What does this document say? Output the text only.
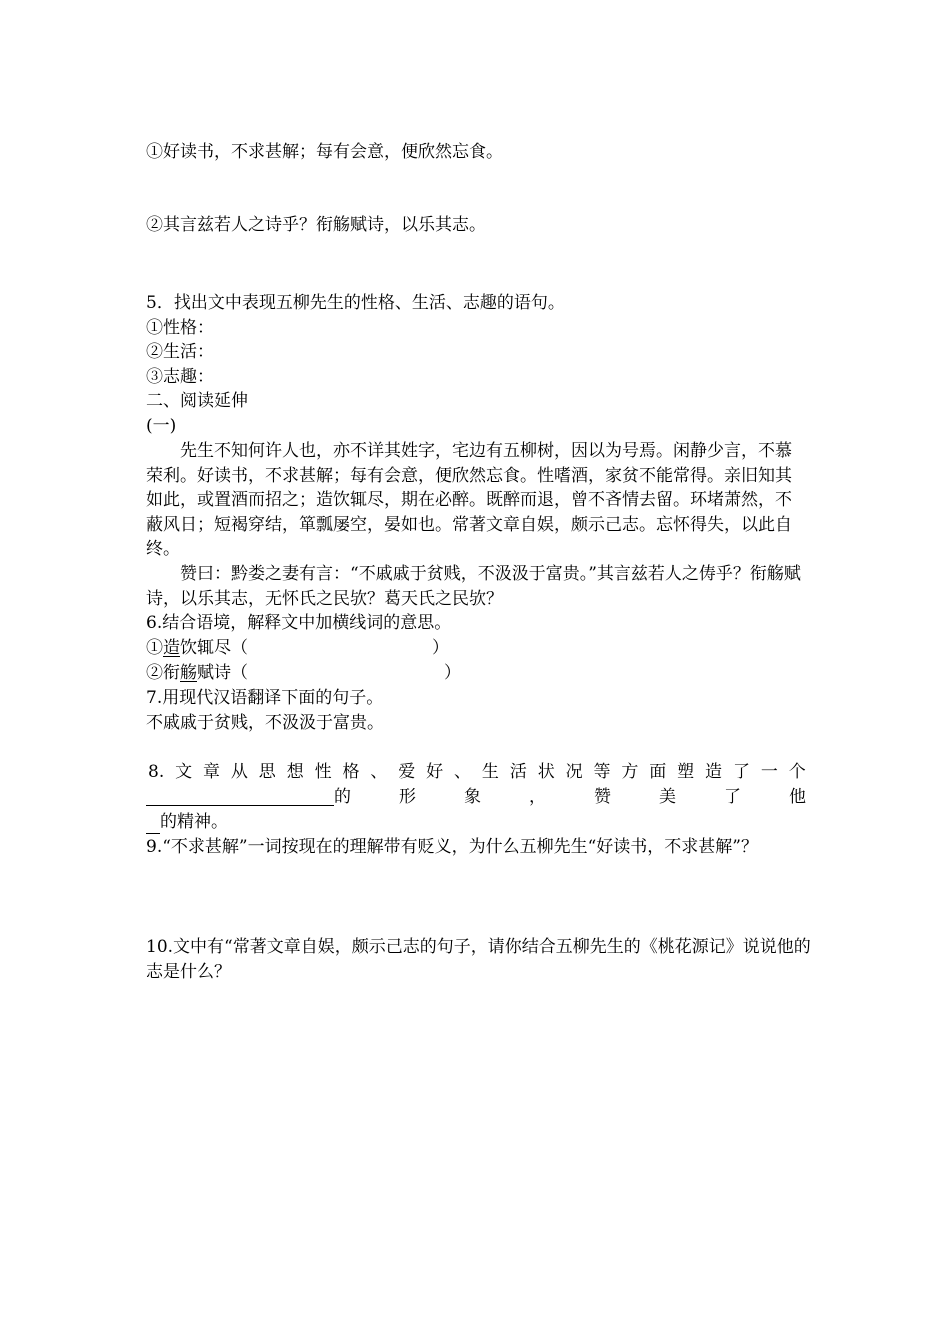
①好读书，不求甚解；每有会意，便欣然忘食。
②其言兹若人之诗乎？衔觞赋诗，以乐其志。
5．找出文中表现五柳先生的性格、生活、志趣的语句。
①性格：
②生活：
③志趣：
二、阅读延伸
(一)

先生不知何许人也，亦不详其姓字，宅边有五柳树，因以为号焉。闲静少言，不慕荣利。好读书，不求甚解；每有会意，便欣然忘食。性嗜酒，家贫不能常得。亲旧知其如此，或置酒而招之；造饮辄尽，期在必醉。既醉而退，曾不吝情去留。环堵萧然，不蔽风日；短褐穿结，箪瓢屡空，晏如也。常著文章自娱，颇示己志。忘怀得失，以此自终。

赞曰：黔娄之妻有言：“不戚戚于贫贱，不汲汲于富贵。”其言兹若人之俦乎？衔觞赋诗，以乐其志，无怀氏之民欤？葛天氏之民欤？

6.结合语境，解释文中加横线词的意思。
①造饮辄尽（	）
②衔觞赋诗（	）
7.用现代汉语翻译下面的句子。
不戚戚于贫贱，不汲汲于富贵。
8. 文 章 从 思 想 性 格 、 爱 好 、 生 活 状 况 等 方 面 塑 造 了 一 个
的	形	象	，	赞	美	了	他
的精神。
9.“不求甚解”一词按现在的理解带有贬义，为什么五柳先生“好读书，不求甚解”？
10.文中有“常著文章自娱，颇示己志的句子，请你结合五柳先生的《桃花源记》说说他的志是什么？
